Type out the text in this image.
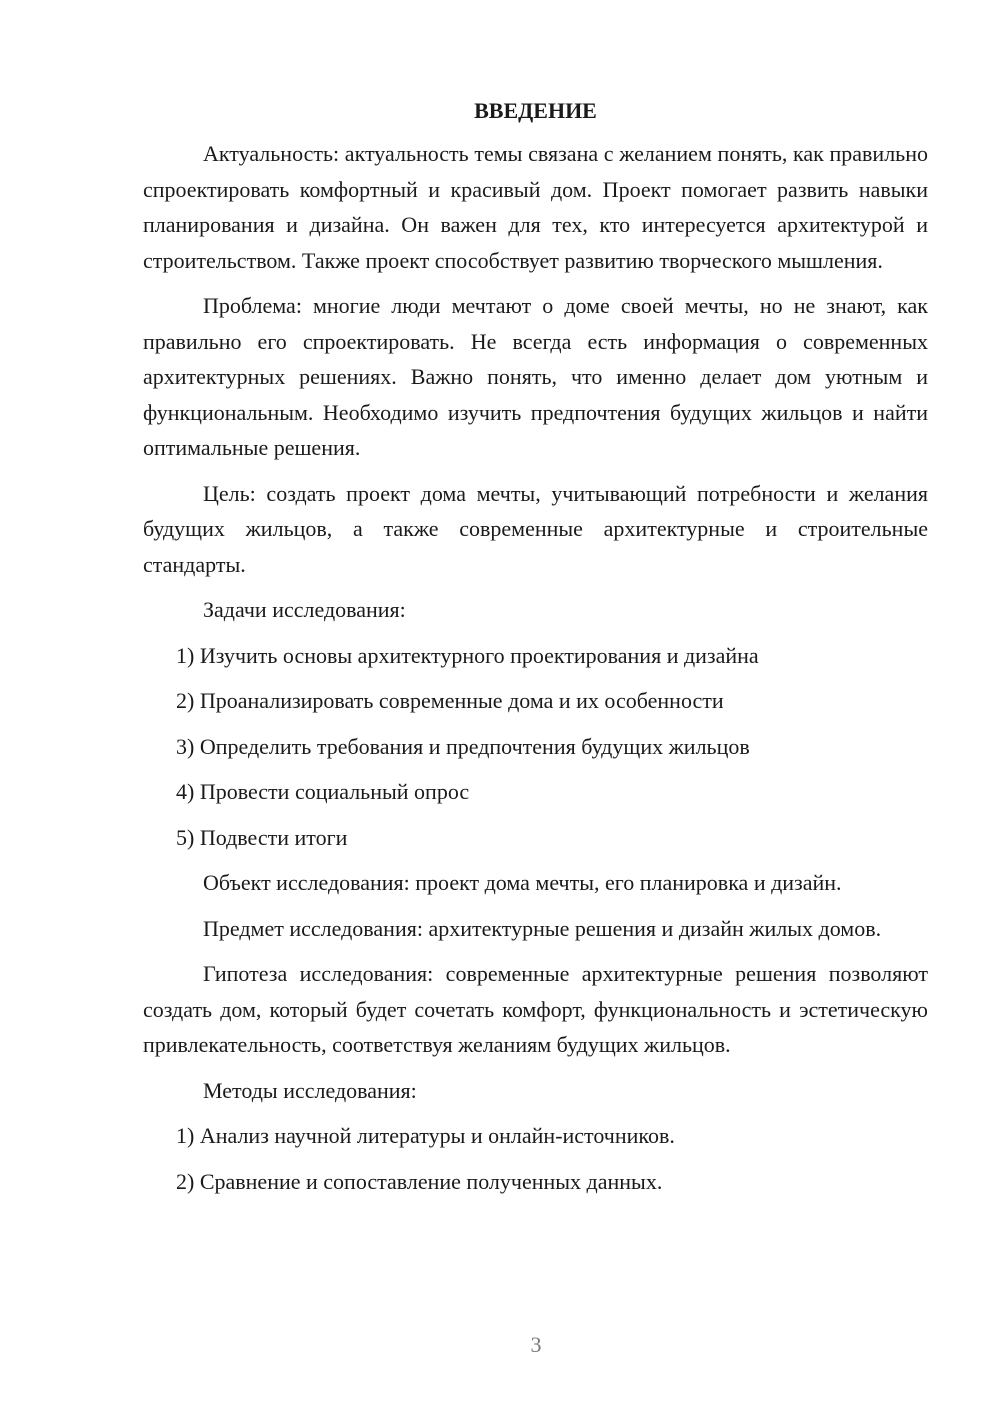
ВВЕДЕНИЕ

Актуальность: актуальность темы связана с желанием понять, как правильно спроектировать комфортный и красивый дом. Проект помогает развить навыки планирования и дизайна. Он важен для тех, кто интересуется архитектурой и строительством. Также проект способствует развитию творческого мышления.

Проблема: многие люди мечтают о доме своей мечты, но не знают, как правильно его спроектировать. Не всегда есть информация о современных архитектурных решениях. Важно понять, что именно делает дом уютным и функциональным. Необходимо изучить предпочтения будущих жильцов и найти оптимальные решения.

Цель: создать проект дома мечты, учитывающий потребности и желания будущих жильцов, а также современные архитектурные и строительные стандарты.

Задачи исследования:

1) Изучить основы архитектурного проектирования и дизайна
2) Проанализировать современные дома и их особенности
3) Определить требования и предпочтения будущих жильцов
4) Провести социальный опрос
5) Подвести итоги

Объект исследования: проект дома мечты, его планировка и дизайн.

Предмет исследования: архитектурные решения и дизайн жилых домов.

Гипотеза исследования: современные архитектурные решения позволяют создать дом, который будет сочетать комфорт, функциональность и эстетическую привлекательность, соответствуя желаниям будущих жильцов.

Методы исследования:

1) Анализ научной литературы и онлайн-источников.
2) Сравнение и сопоставление полученных данных.
3
